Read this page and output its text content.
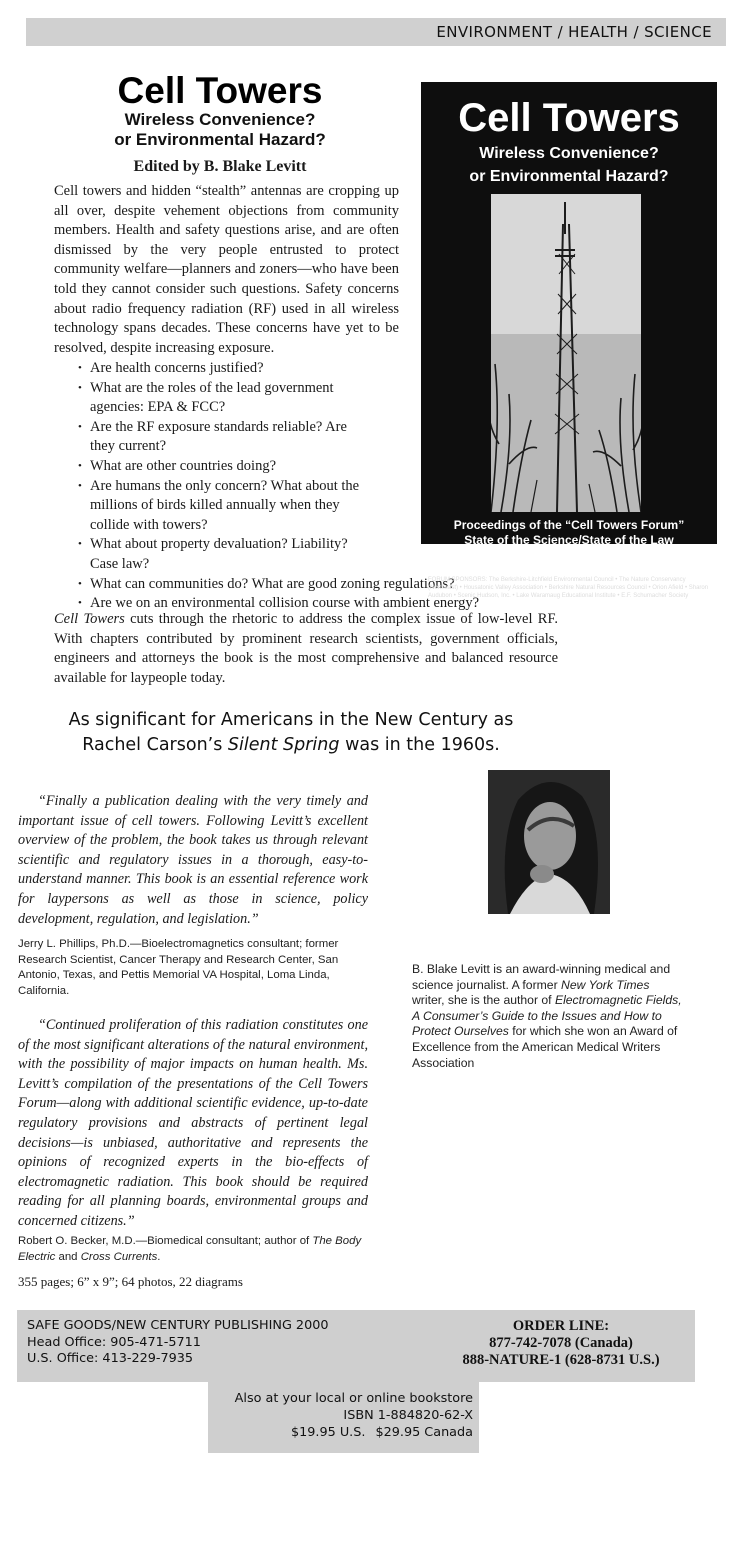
ENVIRONMENT / HEALTH / SCIENCE
Cell Towers
Wireless Convenience?
or Environmental Hazard?
Edited by B. Blake Levitt

Cell towers and hidden “stealth” antennas are cropping up all over, despite vehement objections from community members. Health and safety questions arise, and are often dismissed by the very people entrusted to protect community welfare—planners and zoners—who have been told they cannot consider such questions. Safety concerns about radio frequency radiation (RF) used in all wireless technology spans decades. These concerns have yet to be resolved, despite increasing exposure.

• Are health concerns justified?
• What are the roles of the lead government agencies: EPA & FCC?
• Are the RF exposure standards reliable? Are they current?
• What are other countries doing?
• Are humans the only concern? What about the millions of birds killed annually when they collide with towers?
• What about property devaluation? Liability? Case law?
• What can communities do? What are good zoning regulations?
• Are we on an environmental collision course with ambient energy?

Cell Towers cuts through the rhetoric to address the complex issue of low-level RF. With chapters contributed by prominent research scientists, government officials, engineers and attorneys the book is the most comprehensive and balanced resource available for laypeople today.

Cell Towers
Wireless Convenience?
or Environmental Hazard?
Proceedings of the “Cell Towers Forum”
State of the Science/State of the Law
Edited by B. Blake Levitt
FORUM SPONSORS: The Berkshire-Litchfield Environmental Council • The Nature Conservancy (Northeast) • Housatonic Valley Association • Berkshire Natural Resources Council • Orion Afield • Sharon Audubon • Scenic Hudson, Inc. • Lake Waramaug Educational Institute • E.F. Schumacher Society
As significant for Americans in the New Century as
Rachel Carson’s Silent Spring was in the 1960s.

“Finally a publication dealing with the very timely and important issue of cell towers. Following Levitt’s excellent overview of the problem, the book takes us through relevant scientific and regulatory issues in a thorough, easy-to-understand manner. This book is an essential reference work for laypersons as well as those in science, policy development, regulation, and legislation.”

Jerry L. Phillips, Ph.D.—Bioelectromagnetics consultant; former Research Scientist, Cancer Therapy and Research Center, San Antonio, Texas, and Pettis Memorial VA Hospital, Loma Linda, California.

“Continued proliferation of this radiation constitutes one of the most significant alterations of the natural environment, with the possibility of major impacts on human health. Ms. Levitt’s compilation of the presentations of the Cell Towers Forum—along with additional scientific evidence, up-to-date regulatory provisions and abstracts of pertinent legal decisions—is unbiased, authoritative and represents the opinions of recognized experts in the bio-effects of electromagnetic radiation. This book should be required reading for all planning boards, environmental groups and concerned citizens.”

Robert O. Becker, M.D.—Biomedical consultant; author of The Body Electric and Cross Currents.

355 pages; 6” x 9”; 64 photos, 22 diagrams

B. Blake Levitt is an award-winning medical and science journalist. A former New York Times writer, she is the author of Electromagnetic Fields, A Consumer’s Guide to the Issues and How to Protect Ourselves for which she won an Award of Excellence from the American Medical Writers Association

SAFE GOODS/NEW CENTURY PUBLISHING 2000
Head Office: 905-471-5711
U.S. Office: 413-229-7935
ORDER LINE:
877-742-7078 (Canada)
888-NATURE-1 (628-8731 U.S.)
Also at your local or online bookstore
ISBN 1-884820-62-X
$19.95 U.S. $29.95 Canada
